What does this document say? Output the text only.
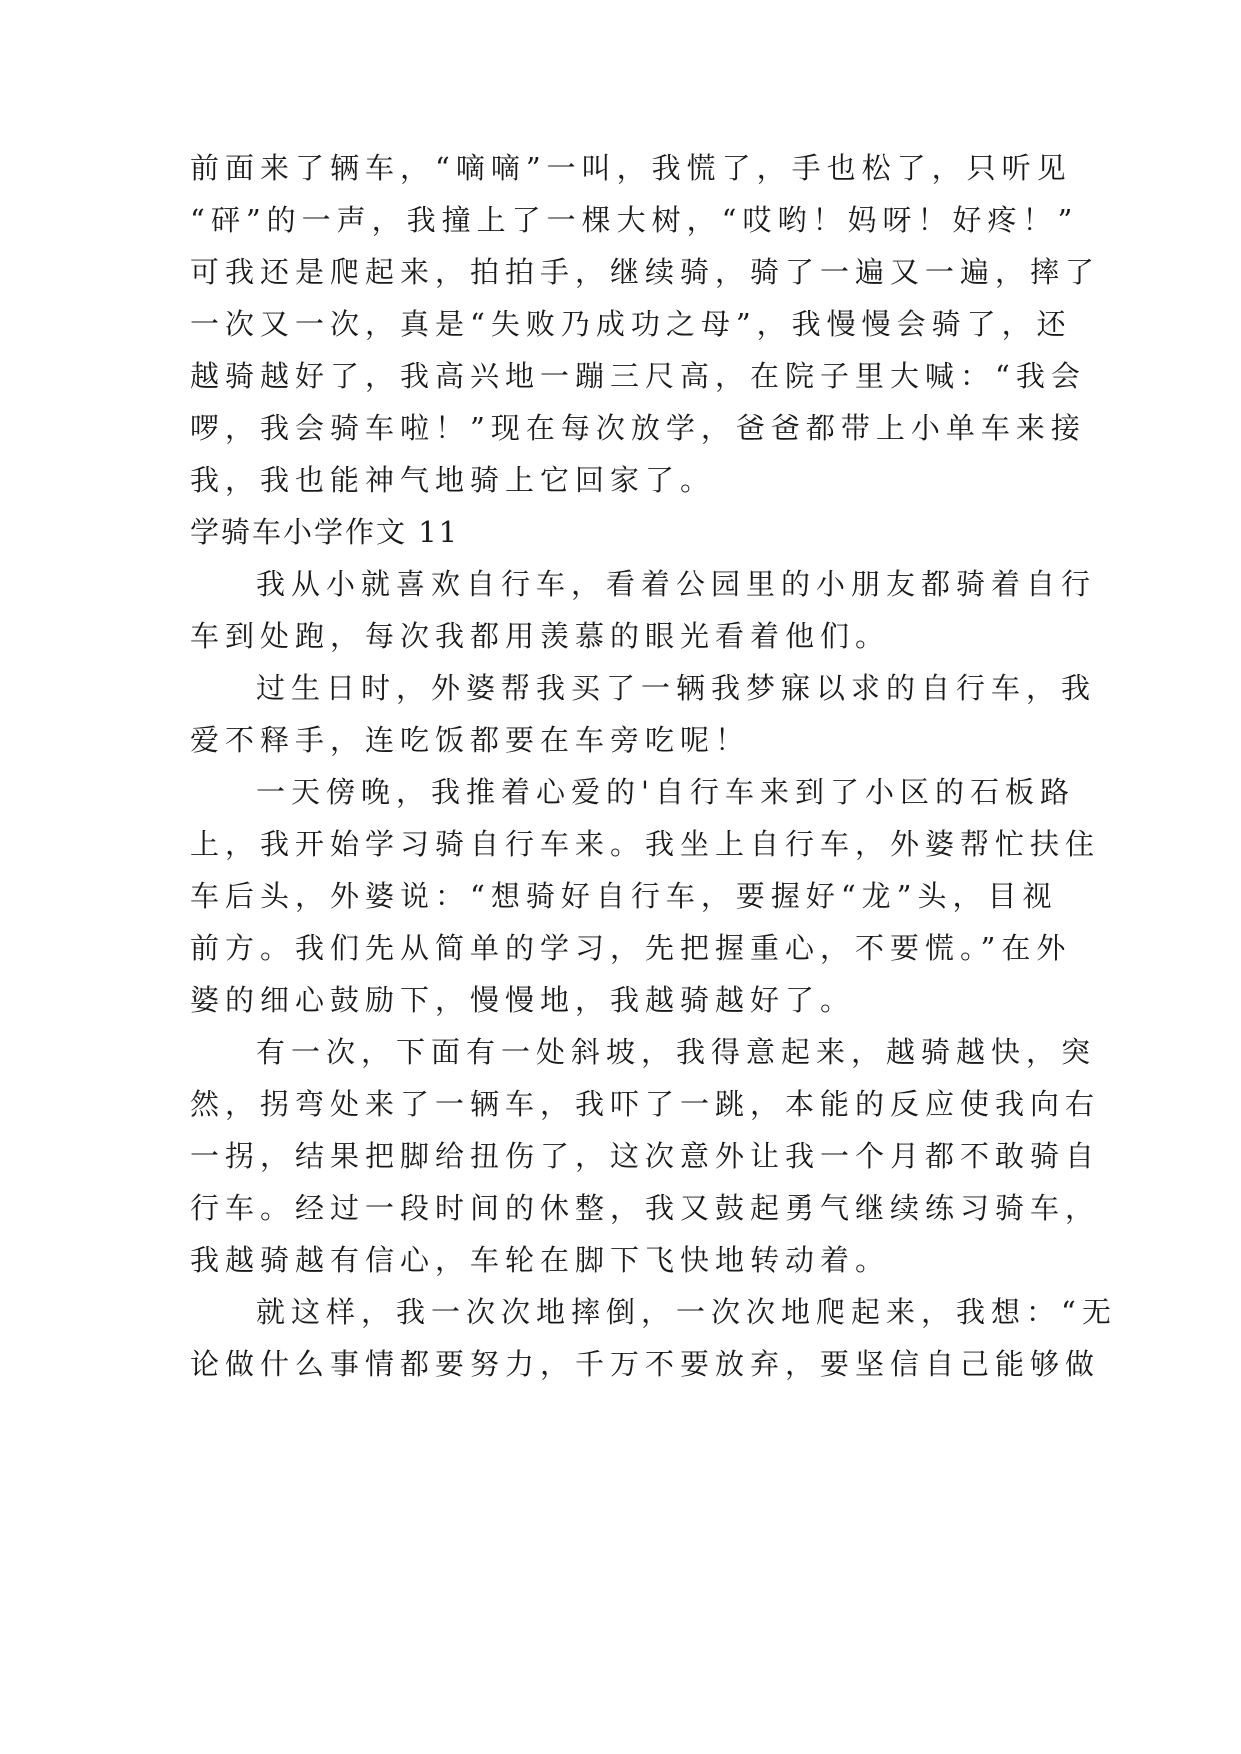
前面来了辆车，“嘀嘀”一叫，我慌了，手也松了，只听见
“砰”的一声，我撞上了一棵大树，“哎哟！妈呀！好疼！”
可我还是爬起来，拍拍手，继续骑，骑了一遍又一遍，摔了
一次又一次，真是“失败乃成功之母”，我慢慢会骑了，还
越骑越好了，我高兴地一蹦三尺高，在院子里大喊：“我会
啰，我会骑车啦！”现在每次放学，爸爸都带上小单车来接
我，我也能神气地骑上它回家了。
学骑车小学作文 11
我从小就喜欢自行车，看着公园里的小朋友都骑着自行
车到处跑，每次我都用羡慕的眼光看着他们。
过生日时，外婆帮我买了一辆我梦寐以求的自行车，我
爱不释手，连吃饭都要在车旁吃呢！
一天傍晚，我推着心爱的'自行车来到了小区的石板路
上，我开始学习骑自行车来。我坐上自行车，外婆帮忙扶住
车后头，外婆说：“想骑好自行车，要握好“龙”头，目视
前方。我们先从简单的学习，先把握重心，不要慌。”在外
婆的细心鼓励下，慢慢地，我越骑越好了。
有一次，下面有一处斜坡，我得意起来，越骑越快，突
然，拐弯处来了一辆车，我吓了一跳，本能的反应使我向右
一拐，结果把脚给扭伤了，这次意外让我一个月都不敢骑自
行车。经过一段时间的休整，我又鼓起勇气继续练习骑车，
我越骑越有信心，车轮在脚下飞快地转动着。
就这样，我一次次地摔倒，一次次地爬起来，我想：“无
论做什么事情都要努力，千万不要放弃，要坚信自己能够做
